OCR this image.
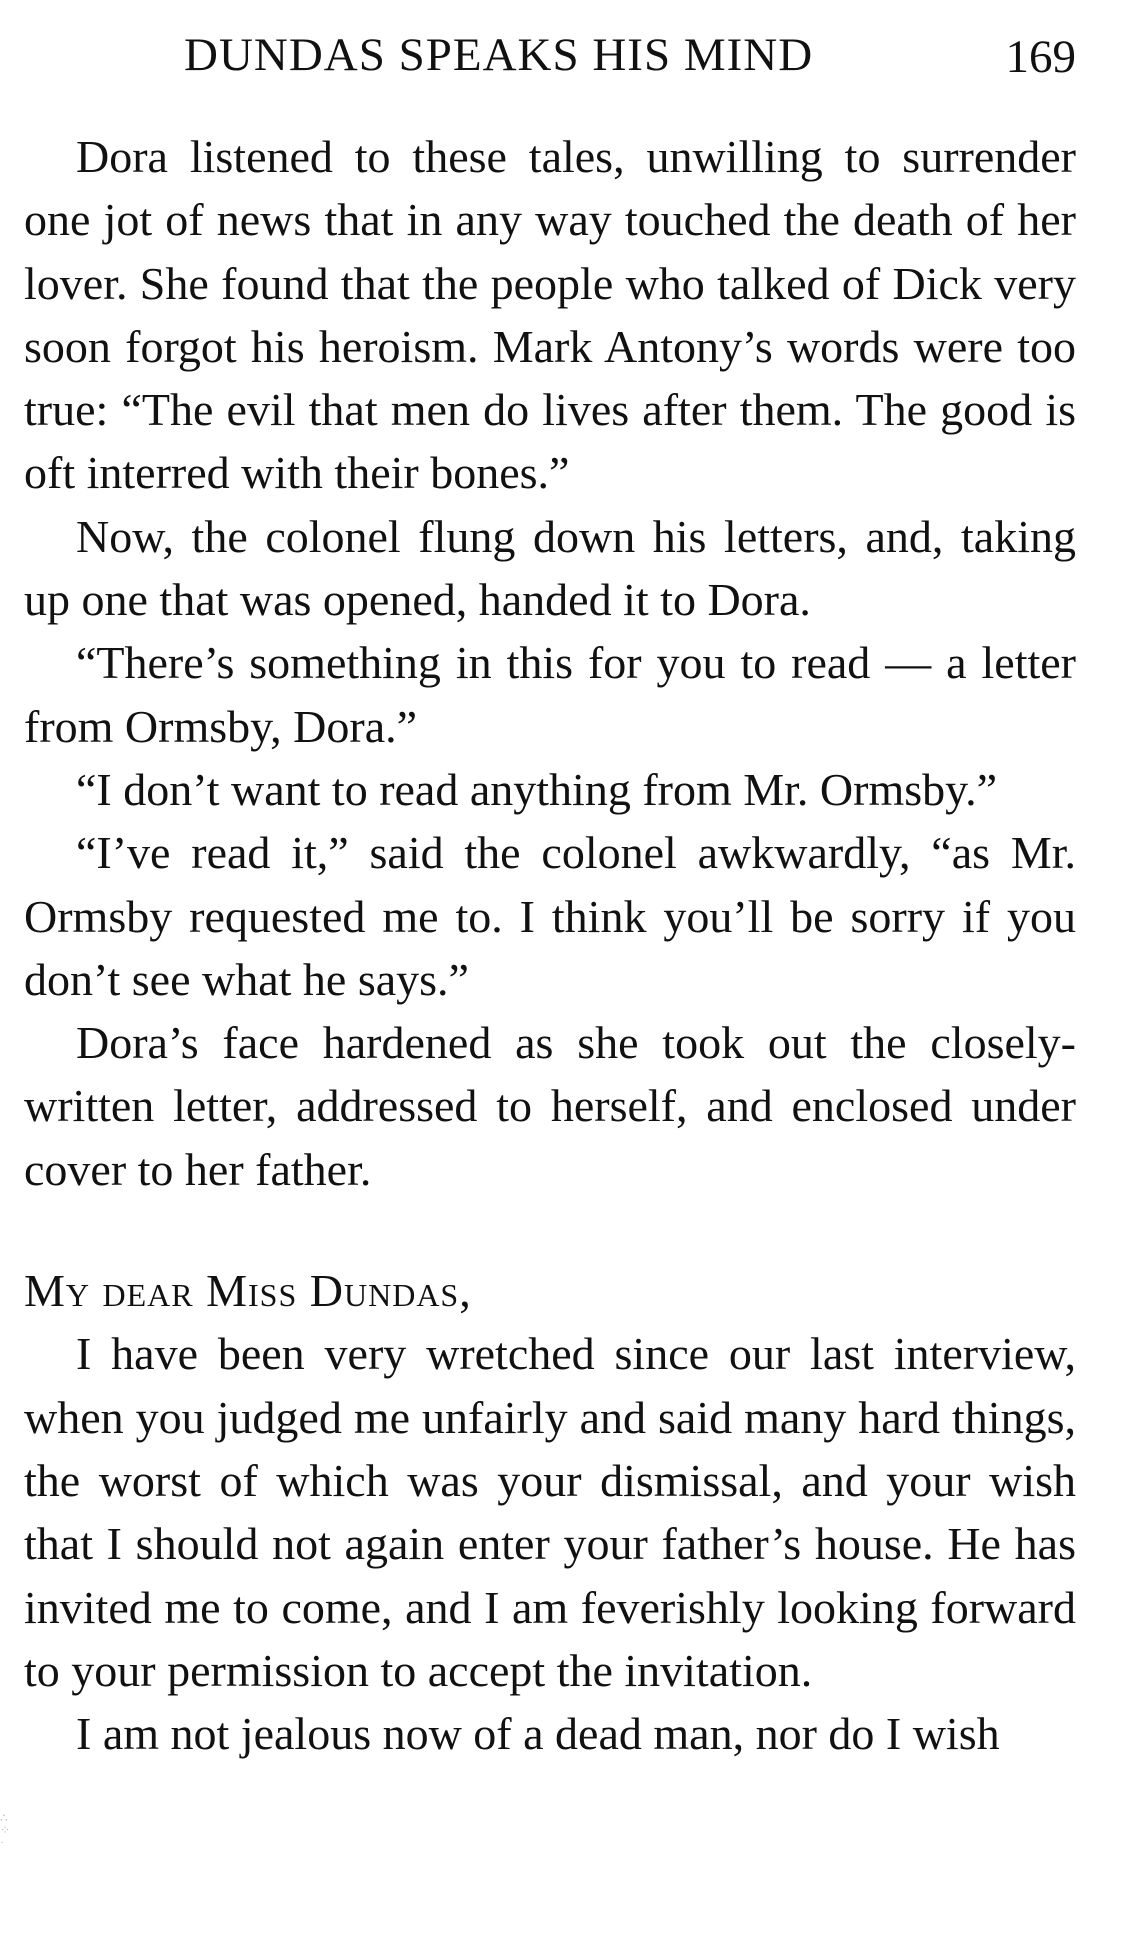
DUNDAS SPEAKS HIS MIND	169

Dora listened to these tales, unwilling to surrender one jot of news that in any way touched the death of her lover. She found that the people who talked of Dick very soon forgot his heroism. Mark Antony’s words were too true: “The evil that men do lives after them. The good is oft interred with their bones.”

Now, the colonel flung down his letters, and, taking up one that was opened, handed it to Dora.

“There’s something in this for you to read — a letter from Ormsby, Dora.”

“I don’t want to read anything from Mr. Ormsby.”

“I’ve read it,” said the colonel awkwardly, “as Mr. Ormsby requested me to. I think you’ll be sorry if you don’t see what he says.”

Dora’s face hardened as she took out the closely-written letter, addressed to herself, and enclosed under cover to her father.

My dear Miss Dundas,

I have been very wretched since our last interview, when you judged me unfairly and said many hard things, the worst of which was your dismissal, and your wish that I should not again enter your father’s house. He has invited me to come, and I am feverishly looking forward to your permission to accept the invitation.

I am not jealous now of a dead man, nor do I wish

∴
⁘
·
